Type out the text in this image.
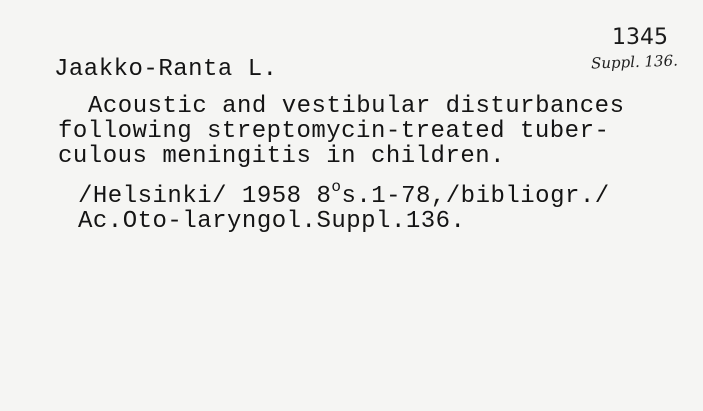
1345
Suppl. 136.
Jaakko-Ranta L.
Acoustic and vestibular disturbances
following streptomycin-treated tuber-
culous meningitis in children.
/Helsinki/ 1958 8$^o$s.1-78,/bibliogr./
Ac.Oto-laryngol.Suppl.136.
